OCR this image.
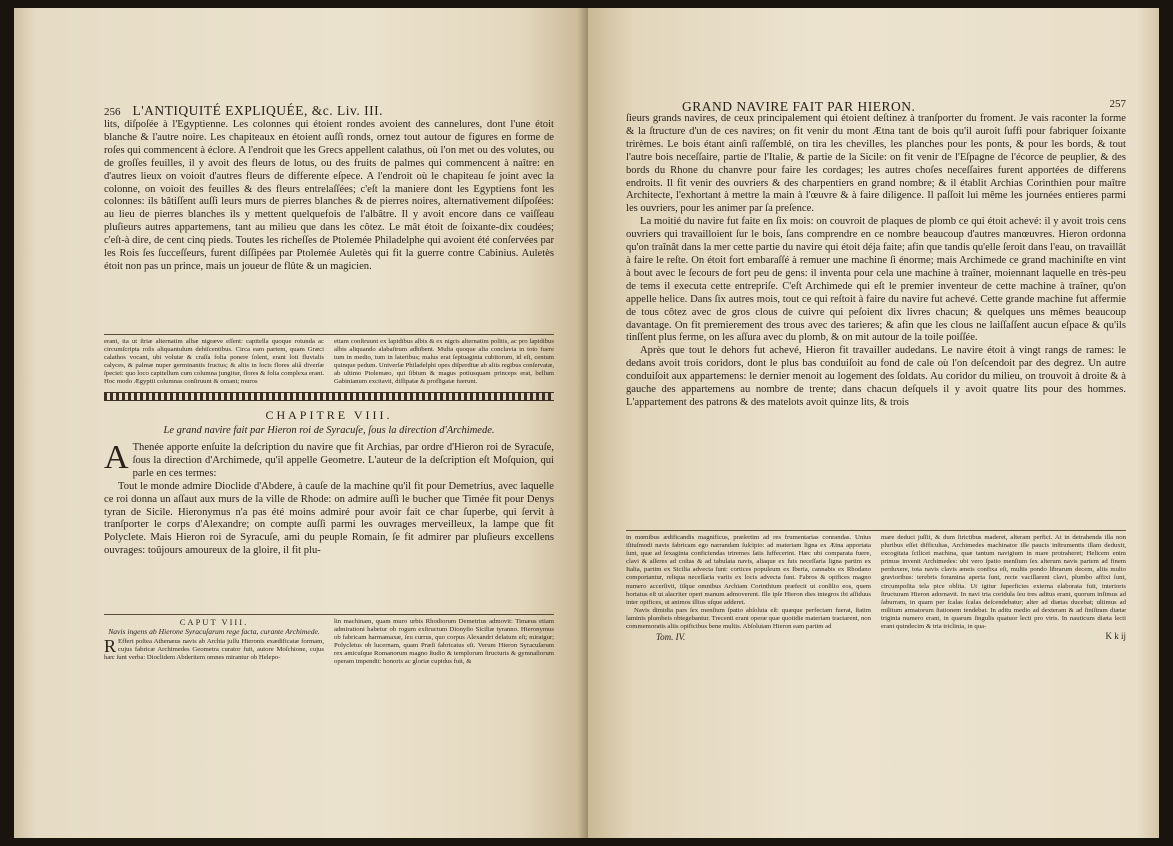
256 L'ANTIQUITÉ EXPLIQUÉE, &c. Liv. III.

lits, diſpoſée à l'Egyptienne. Les colonnes qui étoient rondes avoient des cannelures, dont l'une étoit blanche & l'autre noire. Les chapiteaux en étoient auſſi ronds, ornez tout autour de figures en forme de roſes qui commencent à éclore. A l'endroit que les Grecs appellent calathus, où l'on met ou des volutes, ou de groſſes feuilles, il y avoit des fleurs de lotus, ou des fruits de palmes qui commencent à naître: en d'autres lieux on voioit d'autres fleurs de differente eſpece. A l'endroit où le chapiteau ſe joint avec la colonne, on voioit des feuilles & des fleurs entrelaſſées; c'eſt la maniere dont les Egyptiens font les colonnes: ils bâtiſſent auſſi leurs murs de pierres blanches & de pierres noires, alternativement diſpoſées: au lieu de pierres blanches ils y mettent quelquefois de l'albâtre. Il y avoit encore dans ce vaiſſeau pluſieurs autres appartemens, tant au milieu que dans les côtez. Le mât étoit de ſoixante-dix coudées; c'eſt-à dire, de cent cinq pieds. Toutes les richeſſes de Ptolemée Philadelphe qui avoient été conſervées par les Rois ſes ſucceſſeurs, furent diſſipées par Ptolemée Auletès qui fit la guerre contre Cabinius. Auletès étoit non pas un prince, mais un joueur de flûte & un magicien.

erant, ita ut ſtriæ alternatim albæ nigræve eſſent: capitella quoque rotunda ac circumſcripta roſis aliquantulum dehiſcentibus. Circa eam partem, quam Græci calathos vocant, ubi volutæ & craſſa folia ponere ſolent, erant loti fluvialis calyces, & palmæ nuper germinantis fructus; & aliis in locis flores aliâ diverſæ ſpeciei: quo loco capitellum cum columna jungitur, flores & folia complexa erant. Hoc modo Ægyptii columnas conſtruunt & ornant; muros
etiam conſtruunt ex lapidibus albis & ex nigris alternatim poſitis, ac pro lapidibus albis aliquando alabaſtrum adhibent. Multa quoque alia conclavia in toto fuere tum in medio, tum in lateribus; malus erat ſeptuaginta cubitorum, id eſt, centum quinque pedum. Univerſæ Philadelphi opes diſperditæ ab aliis regibus conſervatæ, ab ultimo Ptolemæo, qui ſibium & magus potiusquam princeps erat, bellum Gabinianum excitavit, diſſipatæ & profligatæ fuerunt.
CHAPITRE VIII.
Le grand navire fait par Hieron roi de Syracuſe, ſous la direction d'Archimede.
A Thenée apporte enſuite la deſcription du navire que fit Archias, par ordre d'Hieron roi de Syracuſe, ſous la direction d'Archimede, qu'il appelle Geometre. L'auteur de la deſcription eſt Moſquion, qui parle en ces termes:

Tout le monde admire Dioclide d'Abdere, à cauſe de la machine qu'il fit pour Demetrius, avec laquelle ce roi donna un aſſaut aux murs de la ville de Rhode: on admire auſſi le bucher que Timée fit pour Denys tyran de Sicile. Hieronymus n'a pas été moins admiré pour avoir fait ce char ſuperbe, qui ſervit à tranſporter le corps d'Alexandre; on compte auſſi parmi les ouvrages merveilleux, la lampe que fit Polyclete. Mais Hieron roi de Syracuſe, ami du peuple Romain, ſe fit admirer par pluſieurs excellens ouvrages: toûjours amoureux de la gloire, il fit plu-

CAPUT VIII.
Navis ingens ab Hierone Syracuſarum rege facta, curante Archimede.
R Effert poſtea Athenæus navis ab Archia juſſu Hieronis exædificatæ formam, cujus fabricæ Archimedes Geometra curator fuit, autore Moſchione, cujus hæc ſunt verba: Dioclidem Abderitem omnes mirantur ob Helepo-

lin machinam, quam muro urbis Rhodiorum Demetrius admovit: Timæus etiam admirationi habetur ob rogum exſtructum Dionyſio Siciliæ tyranno. Hieronymus ob fabricam harmamaxæ, ſeu currus, quo corpus Alexandri delatum eſt; miratgur; Polycletus ob lucernam, quam Præſi fabricatus eſt. Verum Hieron Syracuſarum rex amicuſque Romanorum magno ſtudio & templorum ſtructuris & gymnaſiorum operam impendit: honoris ac gloriæ cupidus fuit, &
GRAND NAVIRE FAIT PAR HIERON.	257

ſieurs grands navires, de ceux principalement qui étoient deſtinez à tranſporter du froment. Je vais raconter la forme & la ſtructure d'un de ces navires; on fit venir du mont Ætna tant de bois qu'il auroit ſuffi pour fabriquer ſoixante trirèmes. Le bois étant ainſi raſſemblé, on tira les chevilles, les planches pour les ponts, & pour les bords, & tout l'autre bois neceſſaire, partie de l'Italie, & partie de la Sicile: on fit venir de l'Eſpagne de l'écorce de peuplier, & des bords du Rhone du chanvre pour faire les cordages; les autres choſes neceſſaires furent apportées de differens endroits. Il fit venir des ouvriers & des charpentiers en grand nombre; & il établit Archias Corinthien pour maître Architecte, l'exhortant à mettre la main à l'œuvre & à faire diligence. Il paſſoit lui même les journées entieres parmi les ouvriers, pour les animer par ſa preſence.

La moitié du navire fut faite en ſix mois: on couvroit de plaques de plomb ce qui étoit achevé: il y avoit trois cens ouvriers qui travailloient ſur le bois, ſans comprendre en ce nombre beaucoup d'autres manœuvres. Hieron ordonna qu'on traînât dans la mer cette partie du navire qui étoit déja faite; afin que tandis qu'elle ſeroit dans l'eau, on travaillât à faire le reſte. On étoit fort embaraſſé à remuer une machine ſi énorme; mais Archimede ce grand machiniſte en vint à bout avec le ſecours de fort peu de gens: il inventa pour cela une machine à traîner, moiennant laquelle en très-peu de tems il executa cette entrepriſe. C'eſt Archimede qui eſt le premier inventeur de cette machine à traîner, qu'on appelle helice. Dans ſix autres mois, tout ce qui reſtoit à faire du navire fut achevé. Cette grande machine fut affermie de tous côtez avec de gros clous de cuivre qui peſoient dix livres chacun; & quelques uns mêmes beaucoup davantage. On fit premierement des trous avec des tarieres; & afin que les clous ne laiſſaſſent aucun eſpace & qu'ils tinſſent plus ferme, on les aſſura avec du plomb, & on mit autour de la toile poiſſée.

Après que tout le dehors fut achevé, Hieron fit travailler audedans. Le navire étoit à vingt rangs de rames: le dedans avoit trois coridors, dont le plus bas conduiſoit au fond de cale où l'on deſcendoit par des degrez. Un autre conduiſoit aux appartemens: le dernier menoit au logement des ſoldats. Au coridor du milieu, on trouvoit à droite & à gauche des appartemens au nombre de trente; dans chacun deſquels il y avoit quatre lits pour des hommes. L'appartement des patrons & des matelots avoit quinze lits, & trois

in mœnibus ædificandis magnificus, præſertim ad res frumentarias conrandas. Unius iſtiuſmodi navis fabricam ego narrandam ſuſcipio: ad materiam ligna ex Ætna apportata ſunt, quæ ad ſexaginta conficiendas triremes ſatis ſuffecerint. Hæc ubi comparata fuere, clavi & aſſeres ad coſtas & ad tabulata navis, aliaque ex ſuis neceſſaria ligna partim ex Italia, partim ex Sicilia advecta ſunt: cortices populeum ex Iberia, cannabis ex Rhodano comportantur, reliqua neceſſaria variis ex locis advecta ſunt. Fabros & opifices magno numero accerſivit, iiſque omnibus Archiam Corinthium præfecit ut conſilio eos, quem hortatus eſt ut alacriter operi manum admoverent. Ille ipſe Hieron dies integros ibi aſſiduus inter opifices, ut animos illius uſque adderet.

Navis dimidia pars ſex menſium ſpatio abſoluta eſt: quæque perfectam fuerat, ſtatim laminis plumbeis obtegebantur. Trecenti erant operæ quæ quotidie materiam tractarent, non commemoratis aliis opificibus bene multis. Abſolutam Hieron eam partim ad

Tom. IV.

mare deduci juſſit, & dum ſtrictibus maderet, alteram perfici. At in detrahenda illa non pluribus eſſet difficultas, Archimedes machinator ille paucis inſtrumentis illam deduxit, excogitata ſcilicet machina, quæ tantum navigium in mare protraheret; Helicem enim primus invenit Archimedes: ubi vero ſpatio menſium ſex alterum navis partem ad finem perduxere, tota navis clavis æneis confixa eſt, multis pondo librarum decem, aliis multo gravioribus: terebris foramina aperta ſunt, recte vacillarent clavi, plumbo affixi ſunt, circumpoſita tela pice oblita. Ut igitur ſuperficies externa elaborata fuit, interioris ſtructuram Hieron adornavit. In navi tria coridula ſeu tres aditus erant, quorum infimus ad ſaburram, in quam per ſcalas ſcalas deſcendebatur; alter ad diætas ducebat; ultimus ad militum armatorum ſtationem tendebat. In aditu medio ad dexteram & ad ſiniſtram diætæ triginta numero erant, in quarum ſingulis quatuor lecti pro viris. In nauticum diæta lecti erant quindecim & tria triclinia, in qua-

K k ij
